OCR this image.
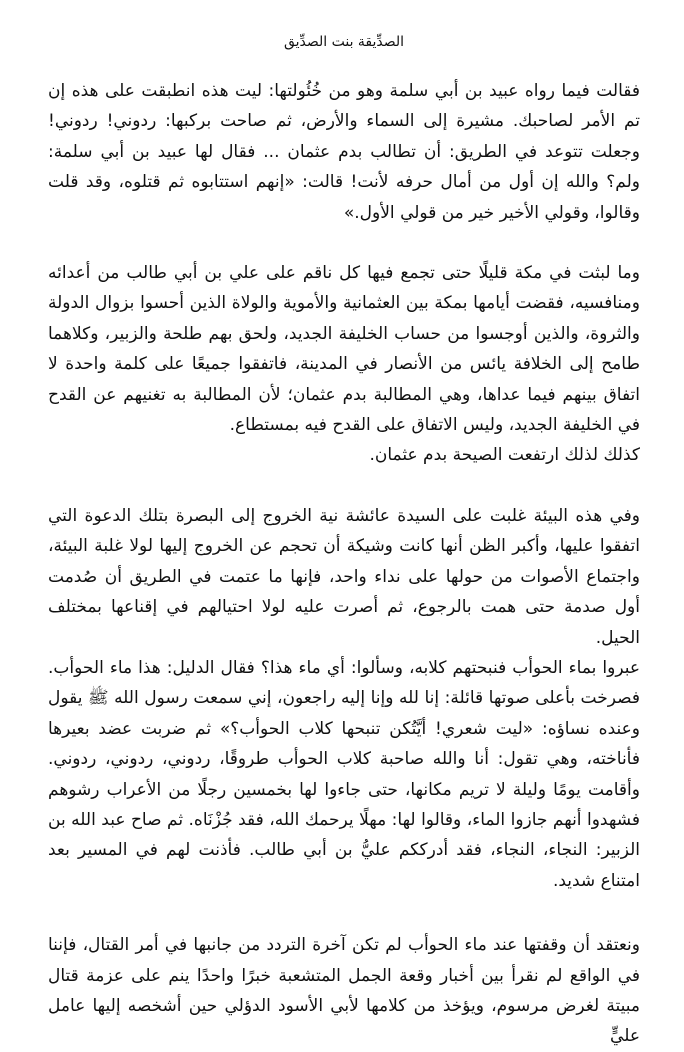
الصدِّيقة بنت الصدِّيق

فقالت فيما رواه عبيد بن أبي سلمة وهو من خُئُولتها: ليت هذه انطبقت على هذه إن تم الأمر لصاحبك. مشيرة إلى السماء والأرض، ثم صاحت بركبها: ردوني! ردوني! وجعلت تتوعد في الطريق: أن تطالب بدم عثمان ... فقال لها عبيد بن أبي سلمة: ولم؟ والله إن أول من أمال حرفه لأنت! قالت: «إنهم استتابوه ثم قتلوه، وقد قلت وقالوا، وقولي الأخير خير من قولي الأول.»

وما لبثت في مكة قليلًا حتى تجمع فيها كل ناقم على علي بن أبي طالب من أعدائه ومنافسيه، فقضت أيامها بمكة بين العثمانية والأموية والولاة الذين أحسوا بزوال الدولة والثروة، والذين أوجسوا من حساب الخليفة الجديد، ولحق بهم طلحة والزبير، وكلاهما طامح إلى الخلافة يائس من الأنصار في المدينة، فاتفقوا جميعًا على كلمة واحدة لا اتفاق بينهم فيما عداها، وهي المطالبة بدم عثمان؛ لأن المطالبة به تغنيهم عن القدح في الخليفة الجديد، وليس الاتفاق على القدح فيه بمستطاع.

كذلك لذلك ارتفعت الصيحة بدم عثمان.

وفي هذه البيئة غلبت على السيدة عائشة نية الخروج إلى البصرة بتلك الدعوة التي اتفقوا عليها، وأكبر الظن أنها كانت وشيكة أن تحجم عن الخروج إليها لولا غلبة البيئة، واجتماع الأصوات من حولها على نداء واحد، فإنها ما عتمت في الطريق أن صُدمت أول صدمة حتى همت بالرجوع، ثم أصرت عليه لولا احتيالهم في إقناعها بمختلف الحيل.

عبروا بماء الحوأب فنبحتهم كلابه، وسألوا: أي ماء هذا؟ فقال الدليل: هذا ماء الحوأب. فصرخت بأعلى صوتها قائلة: إنا لله وإنا إليه راجعون، إني سمعت رسول الله ﷺ يقول وعنده نساؤه: «ليت شعري! أيَّتُكن تنبحها كلاب الحوأب؟» ثم ضربت عضد بعيرها فأناخته، وهي تقول: أنا والله صاحبة كلاب الحوأب طروقًا، ردوني، ردوني، ردوني. وأقامت يومًا وليلة لا تريم مكانها، حتى جاءوا لها بخمسين رجلًا من الأعراب رشوهم فشهدوا أنهم جازوا الماء، وقالوا لها: مهلًا يرحمك الله، فقد جُزْنَاه. ثم صاح عبد الله بن الزبير: النجاء، النجاء، فقد أدرككم عليُّ بن أبي طالب. فأذنت لهم في المسير بعد امتناع شديد.

ونعتقد أن وقفتها عند ماء الحوأب لم تكن آخرة التردد من جانبها في أمر القتال، فإننا في الواقع لم نقرأ بين أخبار وقعة الجمل المتشعبة خبرًا واحدًا ينم على عزمة قتال مبيتة لغرض مرسوم، ويؤخذ من كلامها لأبي الأسود الدؤلي حين أشخصه إليها عامل عليٍّ
